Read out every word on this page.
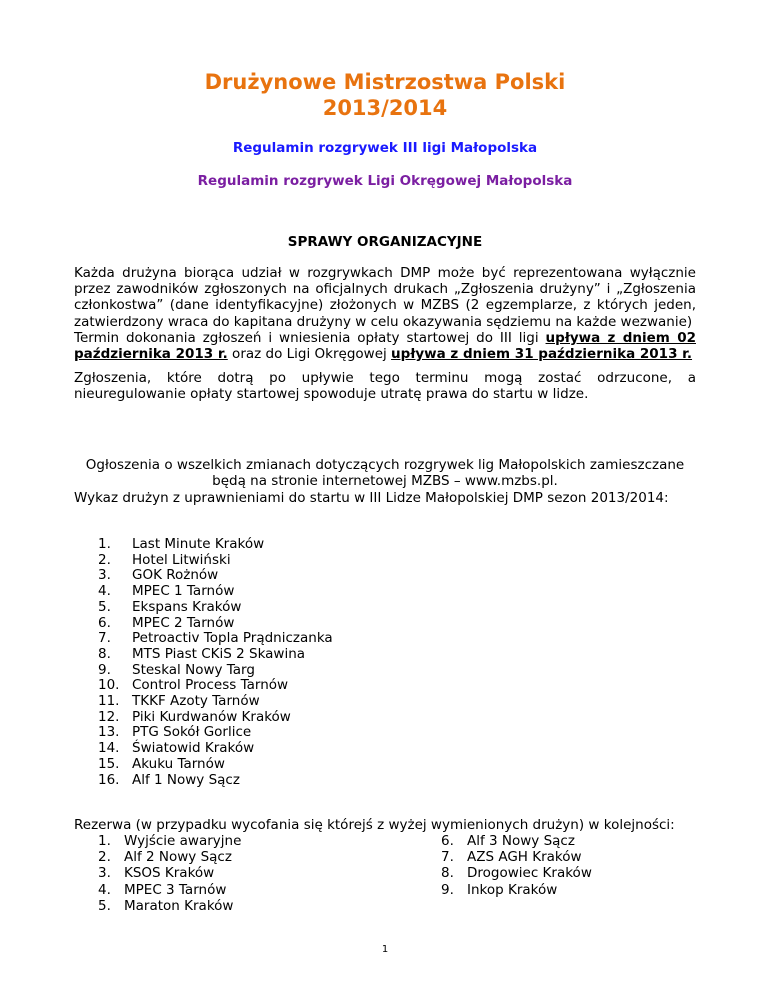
Drużynowe Mistrzostwa Polski
2013/2014
Regulamin rozgrywek III ligi Małopolska
Regulamin rozgrywek Ligi Okręgowej Małopolska
SPRAWY ORGANIZACYJNE
Każda drużyna biorąca udział w rozgrywkach DMP może być reprezentowana wyłącznie przez zawodników zgłoszonych na oficjalnych drukach „Zgłoszenia drużyny” i „Zgłoszenia członkostwa” (dane identyfikacyjne) złożonych w MZBS (2 egzemplarze, z których jeden, zatwierdzony wraca do kapitana drużyny w celu okazywania sędziemu na każde wezwanie)
Termin dokonania zgłoszeń i wniesienia opłaty startowej do III ligi upływa z dniem 02 października 2013 r. oraz do Ligi Okręgowej upływa z dniem 31 października 2013 r.
Zgłoszenia, które dotrą po upływie tego terminu mogą zostać odrzucone, a nieuregulowanie opłaty startowej spowoduje utratę prawa do startu w lidze.
Ogłoszenia o wszelkich zmianach dotyczących rozgrywek lig Małopolskich zamieszczane będą na stronie internetowej MZBS – www.mzbs.pl.
Wykaz drużyn z uprawnieniami do startu w III Lidze Małopolskiej DMP sezon 2013/2014:
1.	Last Minute Kraków
2.	Hotel Litwiński
3.	GOK Rożnów
4.	MPEC 1 Tarnów
5.	Ekspans Kraków
6.	MPEC 2 Tarnów
7.	Petroactiv Topla Prądniczanka
8.	MTS Piast CKiS 2 Skawina
9.	Steskal Nowy Targ
10. Control Process Tarnów
11. TKKF Azoty Tarnów
12. Piki Kurdwanów Kraków
13. PTG Sokół Gorlice
14. Światowid Kraków
15. Akuku Tarnów
16. Alf 1 Nowy Sącz
Rezerwa (w przypadku wycofania się którejś z wyżej wymienionych drużyn) w kolejności:
1. Wyjście awaryjne
2. Alf 2 Nowy Sącz
3. KSOS Kraków
4. MPEC 3 Tarnów
5. Maraton Kraków
6. Alf 3 Nowy Sącz
7. AZS AGH Kraków
8. Drogowiec Kraków
9. Inkop Kraków
1
